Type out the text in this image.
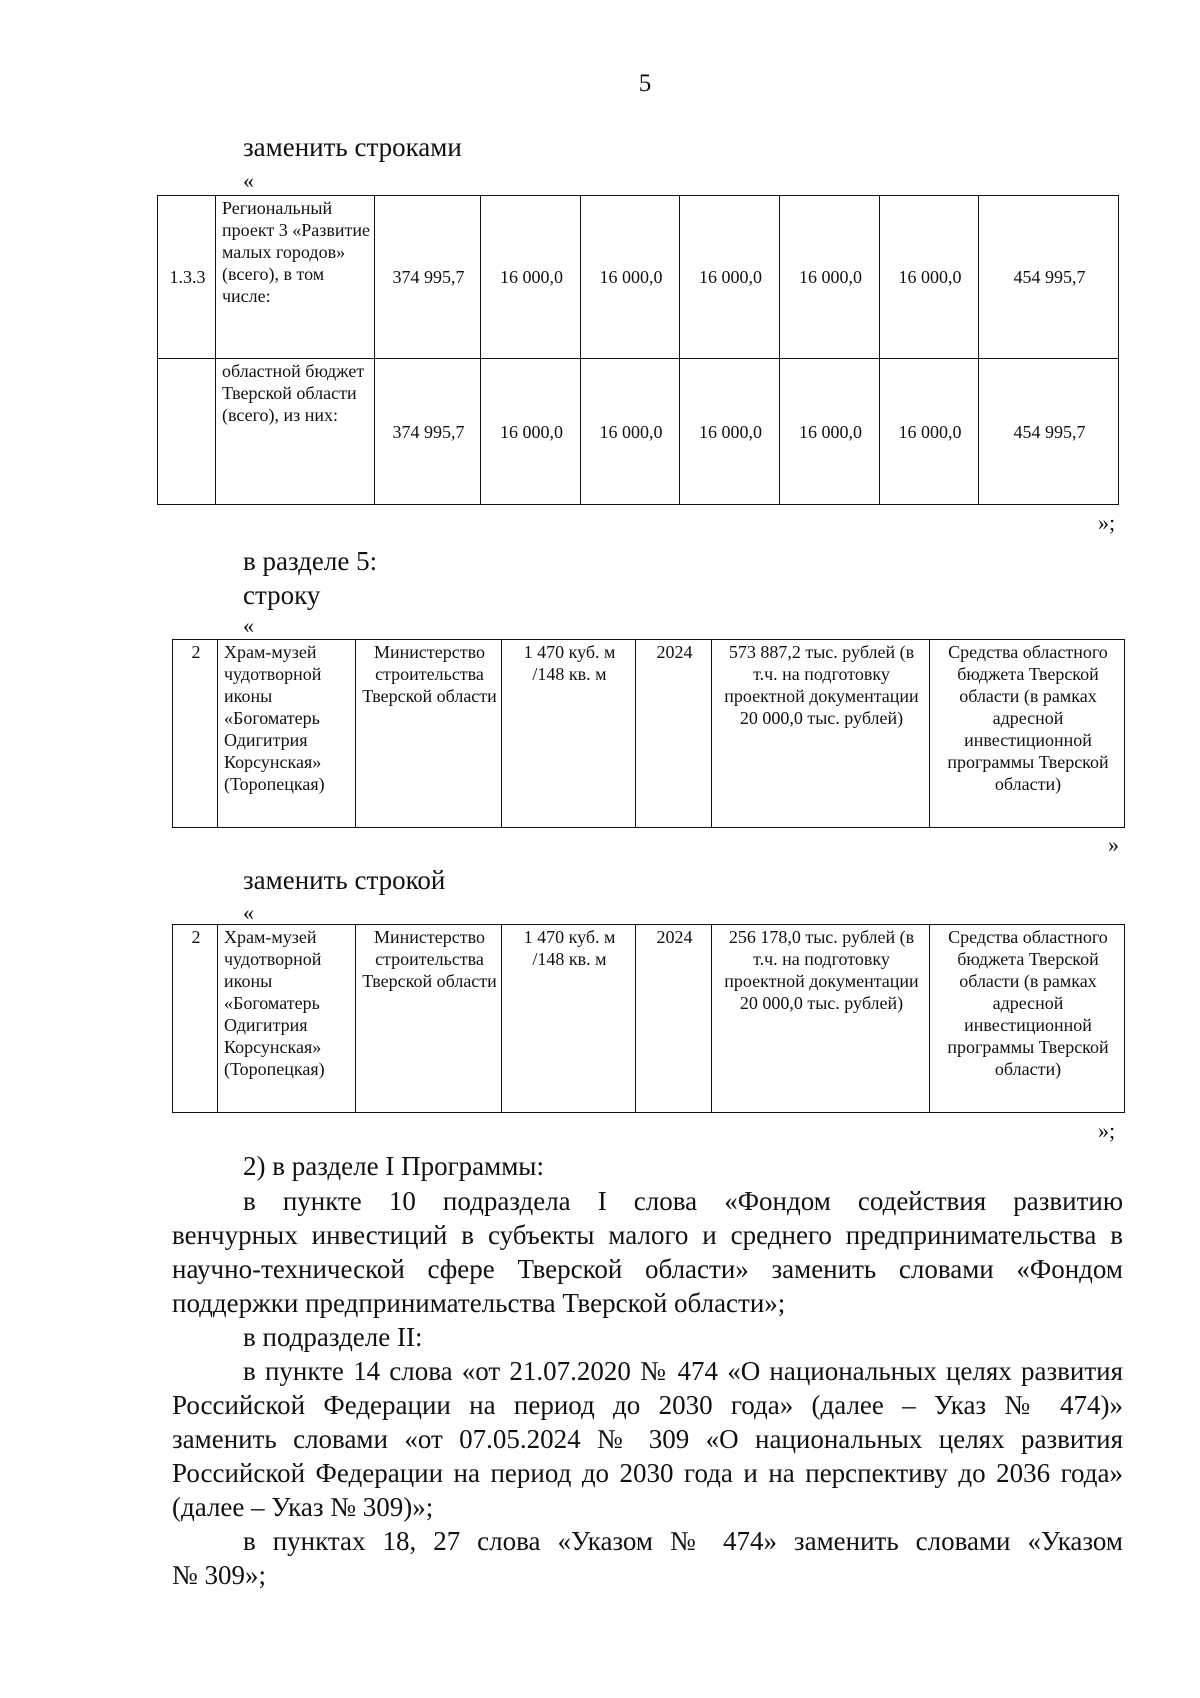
5
заменить строками
«
1.3.3	Региональный проект 3 «Развитие малых городов» (всего), в том числе:	374 995,7	16 000,0	16 000,0	16 000,0	16 000,0	16 000,0	454 995,7
	областной бюджет Тверской области (всего), из них:	374 995,7	16 000,0	16 000,0	16 000,0	16 000,0	16 000,0	454 995,7
»;
в разделе 5:
строку
«
2	Храм-музей чудотворной иконы «Богоматерь Одигитрия Корсунская» (Торопецкая)	Министерство строительства Тверской области	1 470 куб. м /148 кв. м	2024	573 887,2 тыс. рублей (в т.ч. на подготовку проектной документации 20 000,0 тыс. рублей)	Средства областного бюджета Тверской области (в рамках адресной инвестиционной программы Тверской области)
»
заменить строкой
«
2	Храм-музей чудотворной иконы «Богоматерь Одигитрия Корсунская» (Торопецкая)	Министерство строительства Тверской области	1 470 куб. м /148 кв. м	2024	256 178,0 тыс. рублей (в т.ч. на подготовку проектной документации 20 000,0 тыс. рублей)	Средства областного бюджета Тверской области (в рамках адресной инвестиционной программы Тверской области)
»;
2) в разделе I Программы:
в пункте 10 подраздела I слова «Фондом содействия развитию
венчурных инвестиций в субъекты малого и среднего предпринимательства в
научно-технической сфере Тверской области» заменить словами «Фондом
поддержки предпринимательства Тверской области»;
в подразделе II:
в пункте 14 слова «от 21.07.2020 № 474 «О национальных целях развития
Российской Федерации на период до 2030 года» (далее – Указ № 474)»
заменить словами «от 07.05.2024 № 309 «О национальных целях развития
Российской Федерации на период до 2030 года и на перспективу до 2036 года»
(далее – Указ № 309)»;
в пунктах 18, 27 слова «Указом № 474» заменить словами «Указом
№ 309»;
